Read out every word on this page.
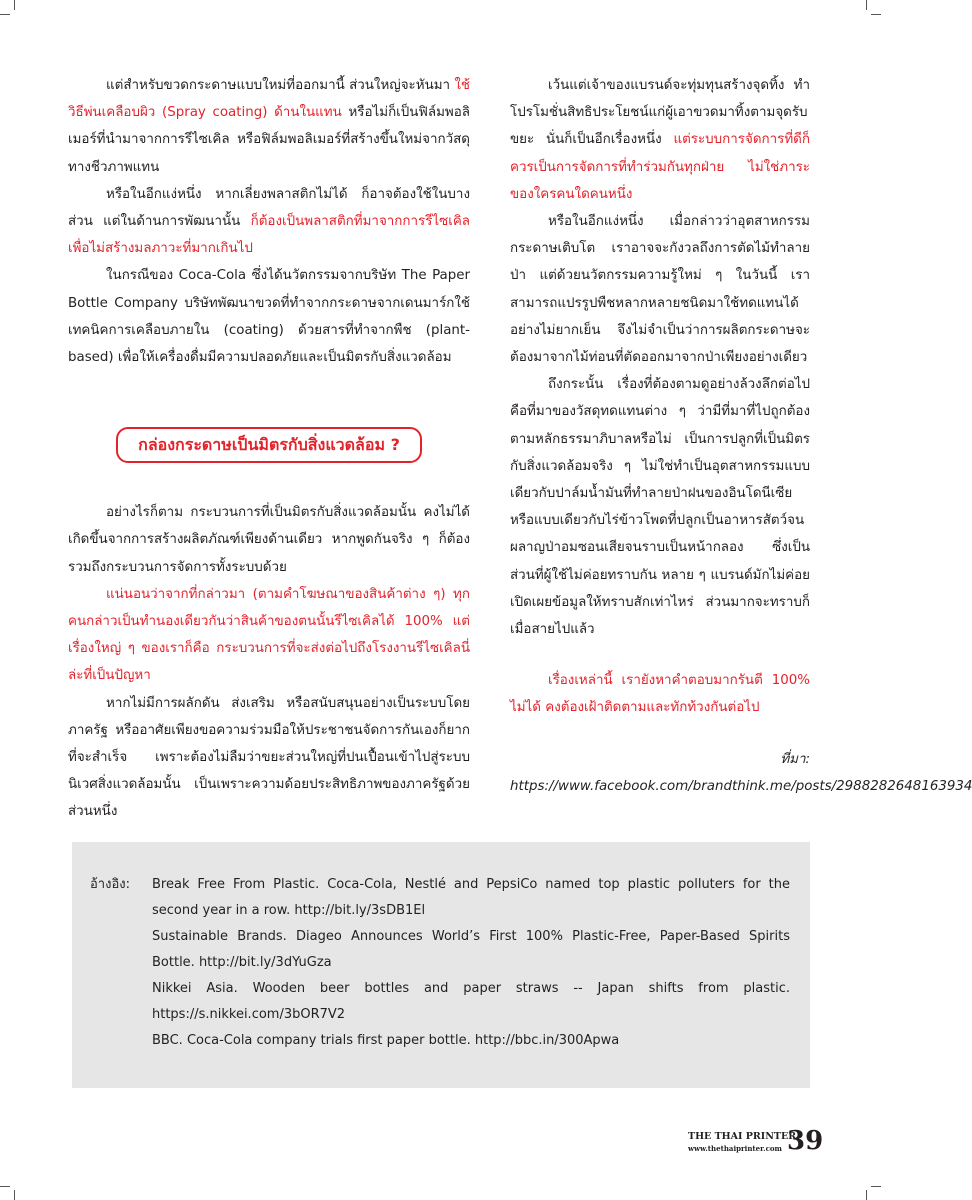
แต่สำหรับขวดกระดาษแบบใหม่ที่ออกมานี้ ส่วนใหญ่จะหันมา ใช้วิธีพ่นเคลือบผิว (Spray coating) ด้านในแทน หรือไม่ก็เป็นฟิล์มพอลิเมอร์ที่นำมาจากการรีไซเคิล หรือฟิล์มพอลิเมอร์ที่สร้างขึ้นใหม่จากวัสดุทางชีวภาพแทน

หรือในอีกแง่หนึ่ง หากเลี่ยงพลาสติกไม่ได้ ก็อาจต้องใช้ในบางส่วน แต่ในด้านการพัฒนานั้น ก็ต้องเป็นพลาสติกที่มาจากการรีไซเคิลเพื่อไม่สร้างมลภาวะที่มากเกินไป

ในกรณีของ Coca-Cola ซึ่งได้นวัตกรรมจากบริษัท The Paper Bottle Company บริษัทพัฒนาขวดที่ทำจากกระดาษจากเดนมาร์กใช้เทคนิคการเคลือบภายใน (coating) ด้วยสารที่ทำจากพืช (plant-based) เพื่อให้เครื่องดื่มมีความปลอดภัยและเป็นมิตรกับสิ่งแวดล้อม

กล่องกระดาษเป็นมิตรกับสิ่งแวดล้อม ?

อย่างไรก็ตาม กระบวนการที่เป็นมิตรกับสิ่งแวดล้อมนั้น คงไม่ได้เกิดขึ้นจากการสร้างผลิตภัณฑ์เพียงด้านเดียว หากพูดกันจริง ๆ ก็ต้องรวมถึงกระบวนการจัดการทั้งระบบด้วย

แน่นอนว่าจากที่กล่าวมา (ตามคำโฆษณาของสินค้าต่าง ๆ) ทุกคนกล่าวเป็นทำนองเดียวกันว่าสินค้าของตนนั้นรีไซเคิลได้ 100% แต่เรื่องใหญ่ ๆ ของเราก็คือ กระบวนการที่จะส่งต่อไปถึงโรงงานรีไซเคิลนี่ล่ะที่เป็นปัญหา

หากไม่มีการผลักดัน ส่งเสริม หรือสนับสนุนอย่างเป็นระบบโดยภาครัฐ หรืออาศัยเพียงขอความร่วมมือให้ประชาชนจัดการกันเองก็ยากที่จะสำเร็จ เพราะต้องไม่ลืมว่าขยะส่วนใหญ่ที่ปนเปื้อนเข้าไปสู่ระบบนิเวศสิ่งแวดล้อมนั้น เป็นเพราะความด้อยประสิทธิภาพของภาครัฐด้วยส่วนหนึ่ง

เว้นแต่เจ้าของแบรนด์จะทุ่มทุนสร้างจุดทิ้ง ทำโปรโมชั่นสิทธิประโยชน์แก่ผู้เอาขวดมาทิ้งตามจุดรับขยะ นั่นก็เป็นอีกเรื่องหนึ่ง แต่ระบบการจัดการที่ดีก็ควรเป็นการจัดการที่ทำร่วมกันทุกฝ่าย ไม่ใช่ภาระของใครคนใดคนหนึ่ง

หรือในอีกแง่หนึ่ง เมื่อกล่าวว่าอุตสาหกรรมกระดาษเติบโต เราอาจจะกังวลถึงการตัดไม้ทำลายป่า แต่ด้วยนวัตกรรมความรู้ใหม่ ๆ ในวันนี้ เราสามารถแปรรูปพืชหลากหลายชนิดมาใช้ทดแทนได้อย่างไม่ยากเย็น จึงไม่จำเป็นว่าการผลิตกระดาษจะต้องมาจากไม้ท่อนที่ตัดออกมาจากป่าเพียงอย่างเดียว

ถึงกระนั้น เรื่องที่ต้องตามดูอย่างล้วงลึกต่อไป คือที่มาของวัสดุทดแทนต่าง ๆ ว่ามีที่มาที่ไปถูกต้องตามหลักธรรมาภิบาลหรือไม่ เป็นการปลูกที่เป็นมิตรกับสิ่งแวดล้อมจริง ๆ ไม่ใช่ทำเป็นอุตสาหกรรมแบบเดียวกับปาล์มน้ำมันที่ทำลายป่าฝนของอินโดนีเซีย หรือแบบเดียวกับไร่ข้าวโพดที่ปลูกเป็นอาหารสัตว์จนผลาญป่าอมซอนเสียจนราบเป็นหน้ากลอง ซึ่งเป็นส่วนที่ผู้ใช้ไม่ค่อยทราบกัน หลาย ๆ แบรนด์มักไม่ค่อยเปิดเผยข้อมูลให้ทราบสักเท่าไหร่ ส่วนมากจะทราบก็เมื่อสายไปแล้ว

เรื่องเหล่านี้ เรายังหาคำตอบมากรันตี 100% ไม่ได้ คงต้องเฝ้าติดตามและทักท้วงกันต่อไป

ที่มา: https://www.facebook.com/brandthink.me/posts/2988282648163934

อ้างอิง: Break Free From Plastic. Coca-Cola, Nestlé and PepsiCo named top plastic polluters for the second year in a row. http://bit.ly/3sDB1El
Sustainable Brands. Diageo Announces World’s First 100% Plastic-Free, Paper-Based Spirits Bottle. http://bit.ly/3dYuGza
Nikkei Asia. Wooden beer bottles and paper straws -- Japan shifts from plastic. https://s.nikkei.com/3bOR7V2
BBC. Coca-Cola company trials first paper bottle. http://bbc.in/300Apwa
THE THAI PRINTER
www.thethaiprinter.com 39
